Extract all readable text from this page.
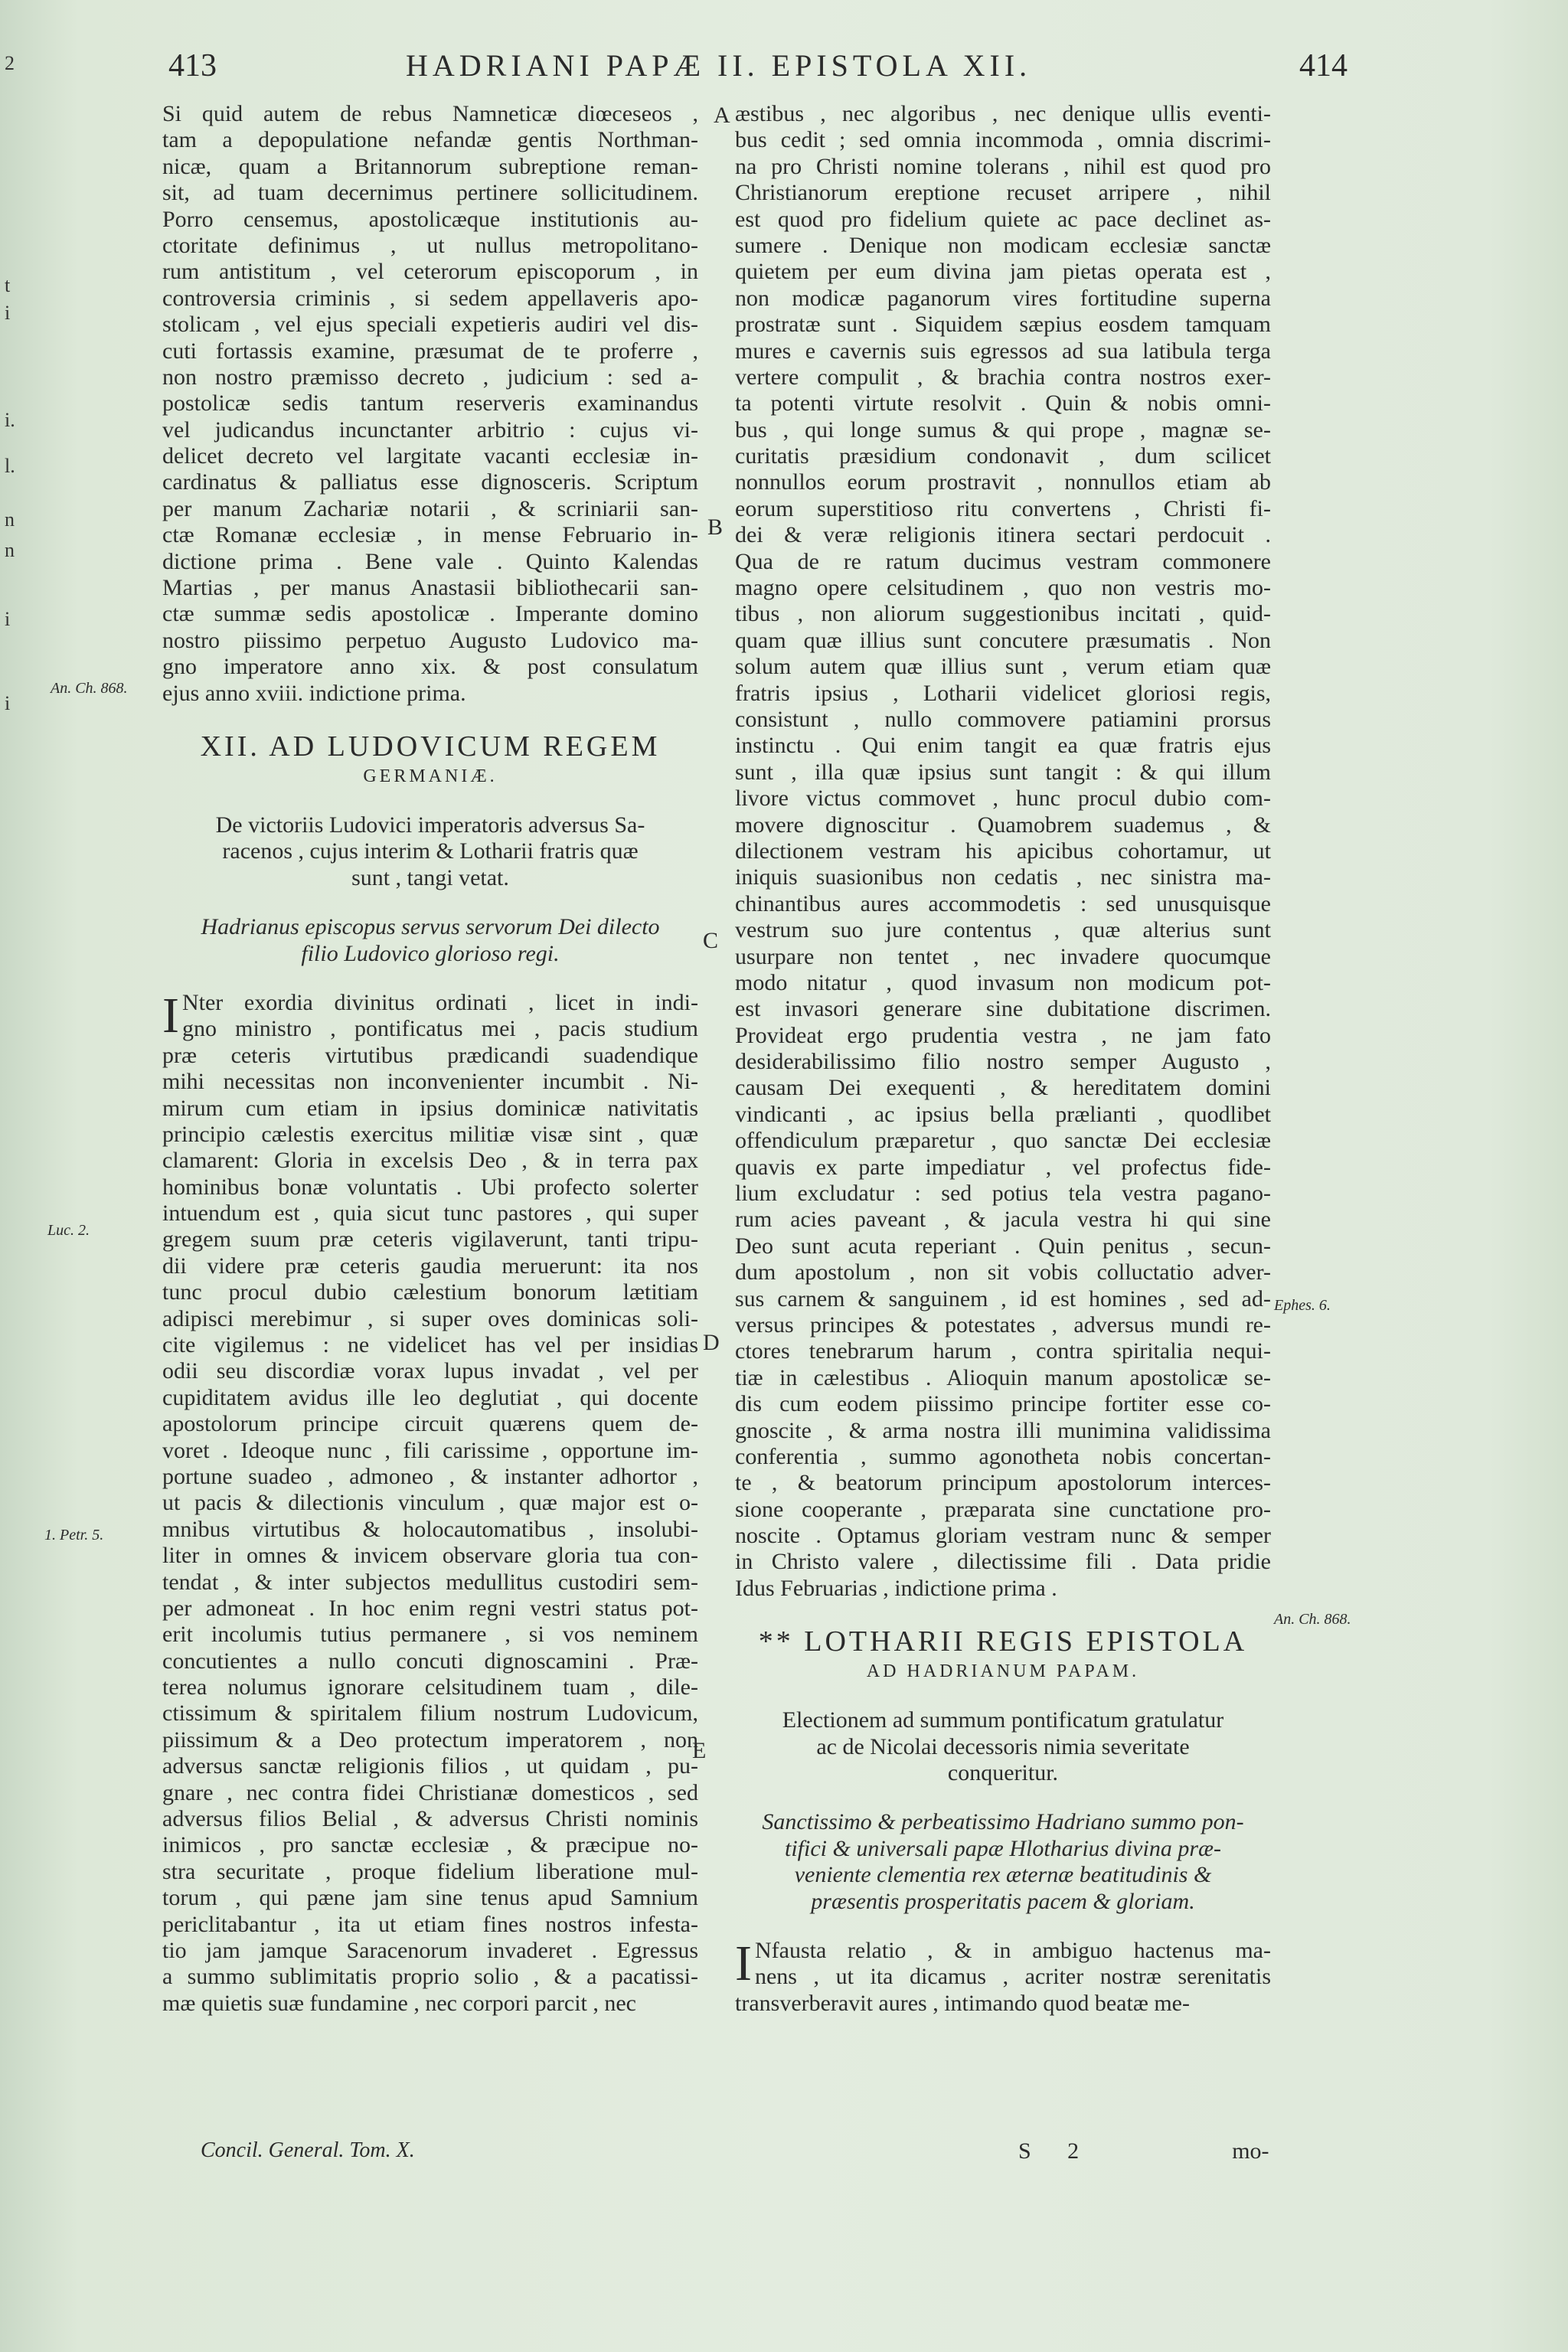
2
t
i
i.
l.
n
n
i
i
413	HADRIANI PAPÆ II. EPISTOLA XII.	414
Si quid autem de rebus Namneticæ diœceseos ,
tam a depopulatione nefandæ gentis Northman-
nicæ, quam a Britannorum subreptione reman-
sit, ad tuam decernimus pertinere sollicitudinem.
Porro censemus, apostolicæque institutionis au-
ctoritate definimus , ut nullus metropolitano-
rum antistitum , vel ceterorum episcoporum , in
controversia criminis , si sedem appellaveris apo-
stolicam , vel ejus speciali expetieris audiri vel dis-
cuti fortassis examine, præsumat de te proferre ,
non nostro præmisso decreto , judicium : sed a-
postolicæ sedis tantum reserveris examinandus
vel judicandus incunctanter arbitrio : cujus vi-
delicet decreto vel largitate vacanti ecclesiæ in-
cardinatus & palliatus esse dignosceris. Scriptum
per manum Zachariæ notarii , & scriniarii san-
ctæ Romanæ ecclesiæ , in mense Februario in-
dictione prima . Bene vale . Quinto Kalendas
Martias , per manus Anastasii bibliothecarii san-
ctæ summæ sedis apostolicæ . Imperante domino
nostro piissimo perpetuo Augusto Ludovico ma-
gno imperatore anno xix. & post consulatum
ejus anno xviii. indictione prima.
XII. AD LUDOVICUM REGEM
GERMANIÆ.
De victoriis Ludovici imperatoris adversus Sa-
racenos , cujus interim & Lotharii fratris quæ
sunt , tangi vetat.
Hadrianus episcopus servus servorum Dei dilecto
filio Ludovico glorioso regi.
I Nter exordia divinitus ordinati , licet in indi-
gno ministro , pontificatus mei , pacis studium
præ ceteris virtutibus prædicandi suadendique
mihi necessitas non inconvenienter incumbit . Ni-
mirum cum etiam in ipsius dominicæ nativitatis
principio cælestis exercitus militiæ visæ sint , quæ
clamarent: Gloria in excelsis Deo , & in terra pax
hominibus bonæ voluntatis . Ubi profecto solerter
intuendum est , quia sicut tunc pastores , qui super
gregem suum præ ceteris vigilaverunt, tanti tripu-
dii videre præ ceteris gaudia meruerunt: ita nos
tunc procul dubio cælestium bonorum lætitiam
adipisci merebimur , si super oves dominicas soli-
cite vigilemus : ne videlicet has vel per insidias
odii seu discordiæ vorax lupus invadat , vel per
cupiditatem avidus ille leo deglutiat , qui docente
apostolorum principe circuit quærens quem de-
voret . Ideoque nunc , fili carissime , opportune im-
portune suadeo , admoneo , & instanter adhortor ,
ut pacis & dilectionis vinculum , quæ major est o-
mnibus virtutibus & holocautomatibus , insolubi-
liter in omnes & invicem observare gloria tua con-
tendat , & inter subjectos medullitus custodiri sem-
per admoneat . In hoc enim regni vestri status pot-
erit incolumis tutius permanere , si vos neminem
concutientes a nullo concuti dignoscamini . Præ-
terea nolumus ignorare celsitudinem tuam , dile-
ctissimum & spiritalem filium nostrum Ludovicum,
piissimum & a Deo protectum imperatorem , non
adversus sanctæ religionis filios , ut quidam , pu-
gnare , nec contra fidei Christianæ domesticos , sed
adversus filios Belial , & adversus Christi nominis
inimicos , pro sanctæ ecclesiæ , & præcipue no-
stra securitate , proque fidelium liberatione mul-
torum , qui pæne jam sine tenus apud Samnium
periclitabantur , ita ut etiam fines nostros infesta-
tio jam jamque Saracenorum invaderet . Egressus
a summo sublimitatis proprio solio , & a pacatissi-
mæ quietis suæ fundamine , nec corpori parcit , nec
æstibus , nec algoribus , nec denique ullis eventi-
bus cedit ; sed omnia incommoda , omnia discrimi-
na pro Christi nomine tolerans , nihil est quod pro
Christianorum ereptione recuset arripere , nihil
est quod pro fidelium quiete ac pace declinet as-
sumere . Denique non modicam ecclesiæ sanctæ
quietem per eum divina jam pietas operata est ,
non modicæ paganorum vires fortitudine superna
prostratæ sunt . Siquidem sæpius eosdem tamquam
mures e cavernis suis egressos ad sua latibula terga
vertere compulit , & brachia contra nostros exer-
ta potenti virtute resolvit . Quin & nobis omni-
bus , qui longe sumus & qui prope , magnæ se-
curitatis præsidium condonavit , dum scilicet
nonnullos eorum prostravit , nonnullos etiam ab
eorum superstitioso ritu convertens , Christi fi-
dei & veræ religionis itinera sectari perdocuit .
Qua de re ratum ducimus vestram commonere
magno opere celsitudinem , quo non vestris mo-
tibus , non aliorum suggestionibus incitati , quid-
quam quæ illius sunt concutere præsumatis . Non
solum autem quæ illius sunt , verum etiam quæ
fratris ipsius , Lotharii videlicet gloriosi regis,
consistunt , nullo commovere patiamini prorsus
instinctu . Qui enim tangit ea quæ fratris ejus
sunt , illa quæ ipsius sunt tangit : & qui illum
livore victus commovet , hunc procul dubio com-
movere dignoscitur . Quamobrem suademus , &
dilectionem vestram his apicibus cohortamur, ut
iniquis suasionibus non cedatis , nec sinistra ma-
chinantibus aures accommodetis : sed unusquisque
vestrum suo jure contentus , quæ alterius sunt
usurpare non tentet , nec invadere quocumque
modo nitatur , quod invasum non modicum pot-
est invasori generare sine dubitatione discrimen.
Provideat ergo prudentia vestra , ne jam fato
desiderabilissimo filio nostro semper Augusto ,
causam Dei exequenti , & hereditatem domini
vindicanti , ac ipsius bella prælianti , quodlibet
offendiculum præparetur , quo sanctæ Dei ecclesiæ
quavis ex parte impediatur , vel profectus fide-
lium excludatur : sed potius tela vestra pagano-
rum acies paveant , & jacula vestra hi qui sine
Deo sunt acuta reperiant . Quin penitus , secun-
dum apostolum , non sit vobis colluctatio adver-
sus carnem & sanguinem , id est homines , sed ad-
versus principes & potestates , adversus mundi re-
ctores tenebrarum harum , contra spiritalia nequi-
tiæ in cælestibus . Alioquin manum apostolicæ se-
dis cum eodem piissimo principe fortiter esse co-
gnoscite , & arma nostra illi munimina validissima
conferentia , summo agonotheta nobis concertan-
te , & beatorum principum apostolorum interces-
sione cooperante , præparata sine cunctatione pro-
noscite . Optamus gloriam vestram nunc & semper
in Christo valere , dilectissime fili . Data pridie
Idus Februarias , indictione prima .
** LOTHARII REGIS EPISTOLA
AD HADRIANUM PAPAM.
Electionem ad summum pontificatum gratulatur
ac de Nicolai decessoris nimia severitate
conqueritur.
Sanctissimo & perbeatissimo Hadriano summo pon-
tifici & universali papæ Hlotharius divina præ-
veniente clementia rex æternæ beatitudinis &
præsentis prosperitatis pacem & gloriam.
I Nfausta relatio , & in ambiguo hactenus ma-
nens , ut ita dicamus , acriter nostræ serenitatis
transverberavit aures , intimando quod beatæ me-
A
B
C
D
E
An. Ch. 868.
Luc. 2.
1. Petr. 5.
Ephes. 6.
An. Ch. 868.
Concil. General. Tom. X.	S 2	mo-
